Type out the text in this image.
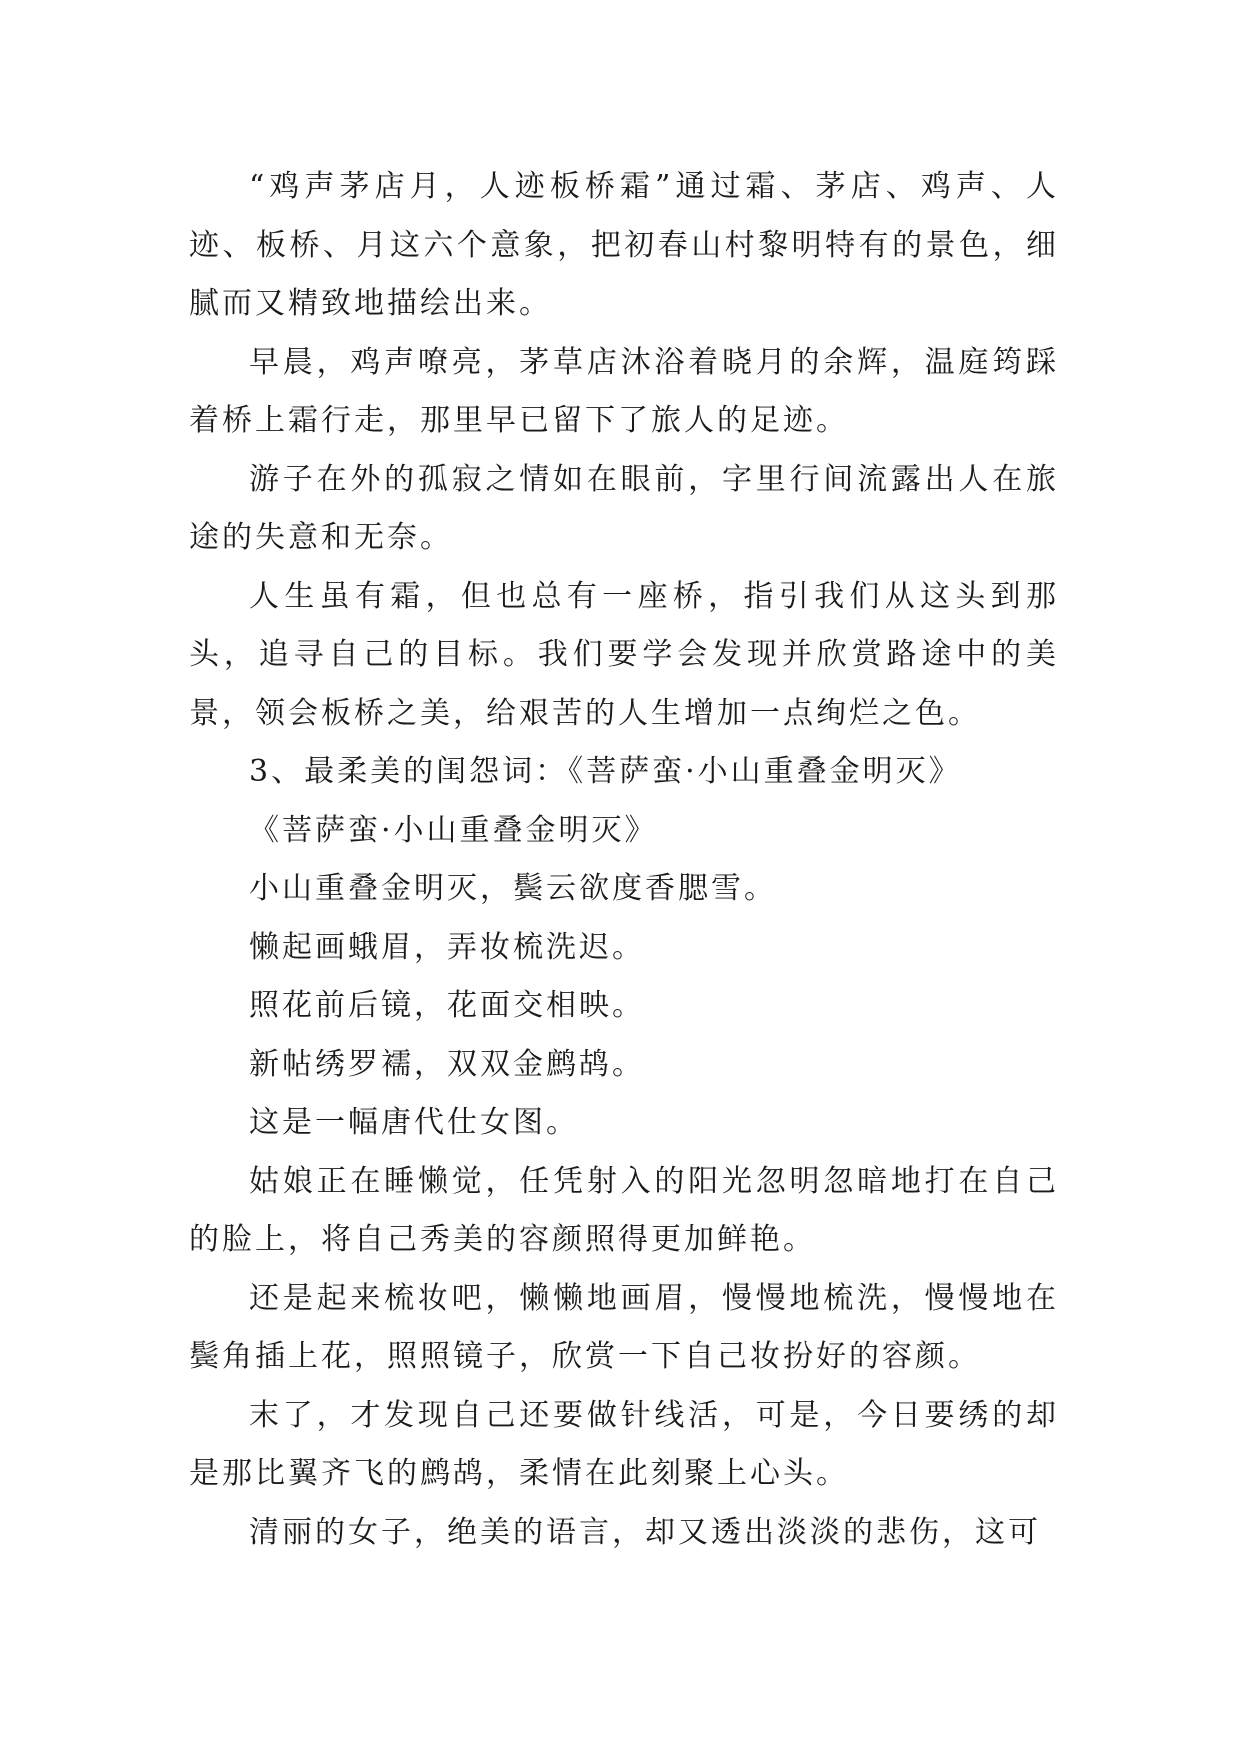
“鸡声茅店月，人迹板桥霜”通过霜、茅店、鸡声、人迹、板桥、月这六个意象，把初春山村黎明特有的景色，细腻而又精致地描绘出来。

早晨，鸡声嘹亮，茅草店沐浴着晓月的余辉，温庭筠踩着桥上霜行走，那里早已留下了旅人的足迹。

游子在外的孤寂之情如在眼前，字里行间流露出人在旅途的失意和无奈。

人生虽有霜，但也总有一座桥，指引我们从这头到那头，追寻自己的目标。我们要学会发现并欣赏路途中的美景，领会板桥之美，给艰苦的人生增加一点绚烂之色。

3、最柔美的闺怨词：《菩萨蛮·小山重叠金明灭》

《菩萨蛮·小山重叠金明灭》

小山重叠金明灭，鬓云欲度香腮雪。

懒起画蛾眉，弄妆梳洗迟。

照花前后镜，花面交相映。

新帖绣罗襦，双双金鹧鸪。

这是一幅唐代仕女图。

姑娘正在睡懒觉，任凭射入的阳光忽明忽暗地打在自己的脸上，将自己秀美的容颜照得更加鲜艳。

还是起来梳妆吧，懒懒地画眉，慢慢地梳洗，慢慢地在鬓角插上花，照照镜子，欣赏一下自己妆扮好的容颜。

末了，才发现自己还要做针线活，可是，今日要绣的却是那比翼齐飞的鹧鸪，柔情在此刻聚上心头。

清丽的女子，绝美的语言，却又透出淡淡的悲伤，这可
